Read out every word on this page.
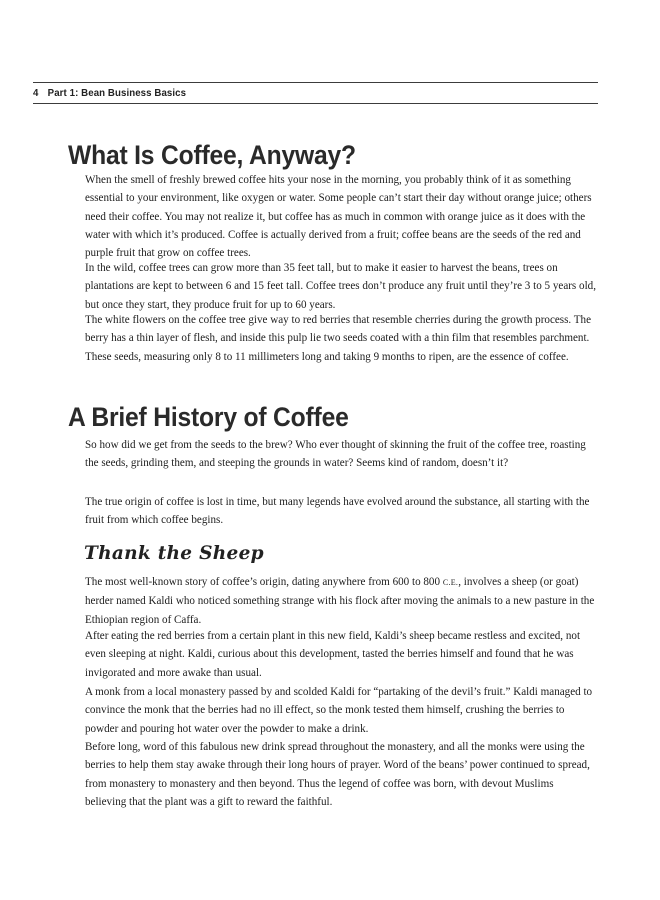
4 Part 1: Bean Business Basics
What Is Coffee, Anyway?

When the smell of freshly brewed coffee hits your nose in the morning, you probably think of it as something essential to your environment, like oxygen or water. Some people can’t start their day without orange juice; others need their coffee. You may not realize it, but coffee has as much in common with orange juice as it does with the water with which it’s produced. Coffee is actually derived from a fruit; coffee beans are the seeds of the red and purple fruit that grow on coffee trees.

In the wild, coffee trees can grow more than 35 feet tall, but to make it easier to harvest the beans, trees on plantations are kept to between 6 and 15 feet tall. Coffee trees don’t produce any fruit until they’re 3 to 5 years old, but once they start, they produce fruit for up to 60 years.

The white flowers on the coffee tree give way to red berries that resemble cherries during the growth process. The berry has a thin layer of flesh, and inside this pulp lie two seeds coated with a thin film that resembles parchment. These seeds, measuring only 8 to 11 millimeters long and taking 9 months to ripen, are the essence of coffee.

A Brief History of Coffee

So how did we get from the seeds to the brew? Who ever thought of skinning the fruit of the coffee tree, roasting the seeds, grinding them, and steeping the grounds in water? Seems kind of random, doesn’t it?

The true origin of coffee is lost in time, but many legends have evolved around the substance, all starting with the fruit from which coffee begins.

Thank the Sheep

The most well-known story of coffee’s origin, dating anywhere from 600 to 800 C.E., involves a sheep (or goat) herder named Kaldi who noticed something strange with his flock after moving the animals to a new pasture in the Ethiopian region of Caffa.

After eating the red berries from a certain plant in this new field, Kaldi’s sheep became restless and excited, not even sleeping at night. Kaldi, curious about this development, tasted the berries himself and found that he was invigorated and more awake than usual.

A monk from a local monastery passed by and scolded Kaldi for “partaking of the devil’s fruit.” Kaldi managed to convince the monk that the berries had no ill effect, so the monk tested them himself, crushing the berries to powder and pouring hot water over the powder to make a drink.

Before long, word of this fabulous new drink spread throughout the monastery, and all the monks were using the berries to help them stay awake through their long hours of prayer. Word of the beans’ power continued to spread, from monastery to monastery and then beyond. Thus the legend of coffee was born, with devout Muslims believing that the plant was a gift to reward the faithful.
